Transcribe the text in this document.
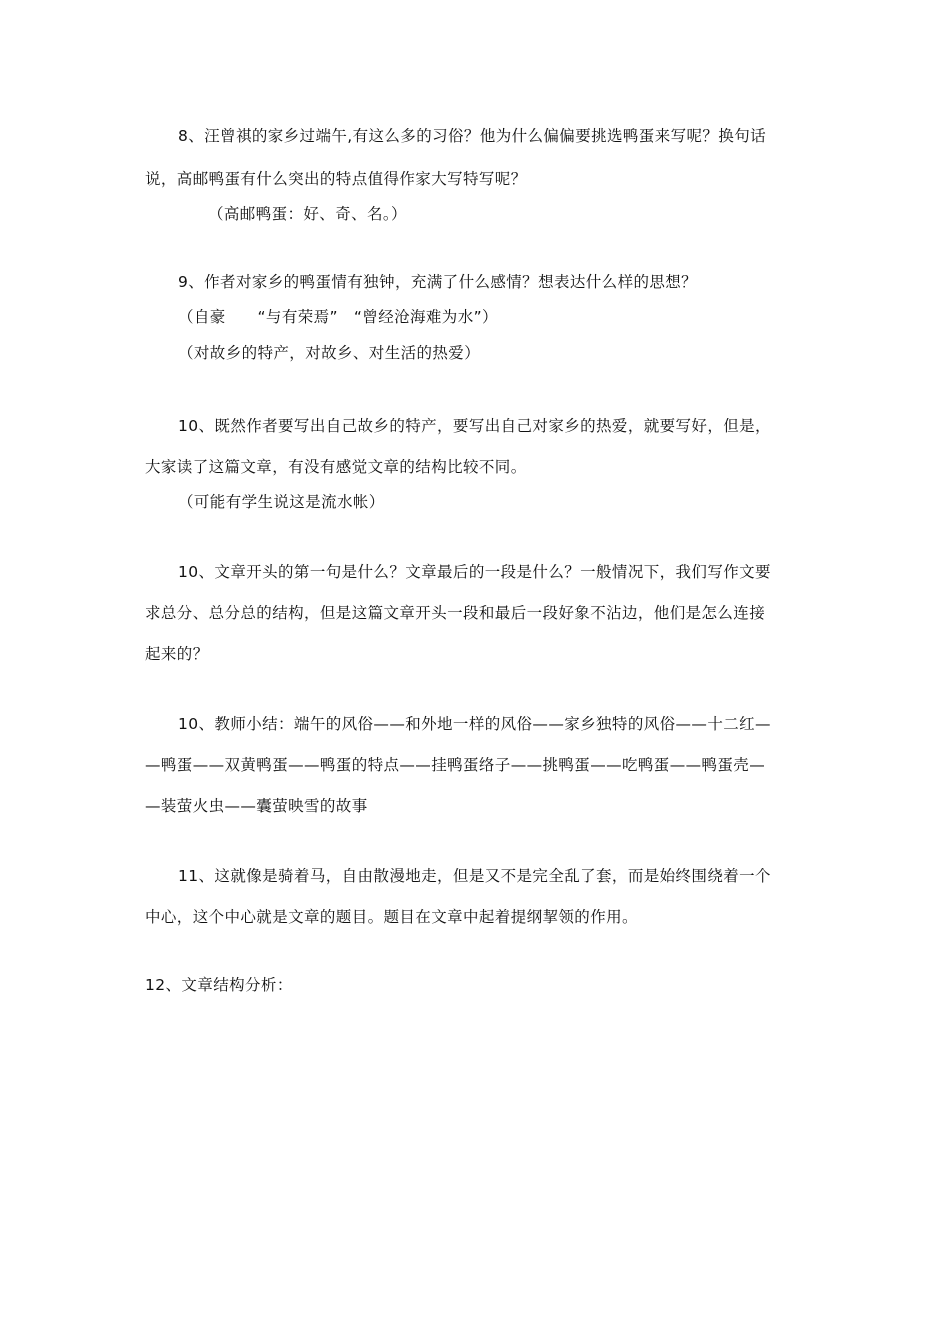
8、汪曾祺的家乡过端午,有这么多的习俗？他为什么偏偏要挑选鸭蛋来写呢？换句话
说，高邮鸭蛋有什么突出的特点值得作家大写特写呢？
（高邮鸭蛋：好、奇、名。）
9、作者对家乡的鸭蛋情有独钟，充满了什么感情？想表达什么样的思想？
（自豪　　“与有荣焉”　“曾经沧海难为水”）
（对故乡的特产，对故乡、对生活的热爱）
10、既然作者要写出自己故乡的特产，要写出自己对家乡的热爱，就要写好，但是，
大家读了这篇文章，有没有感觉文章的结构比较不同。
（可能有学生说这是流水帐）
10、文章开头的第一句是什么？文章最后的一段是什么？一般情况下，我们写作文要
求总分、总分总的结构，但是这篇文章开头一段和最后一段好象不沾边，他们是怎么连接
起来的？
10、教师小结：端午的风俗——和外地一样的风俗——家乡独特的风俗——十二红—
—鸭蛋——双黄鸭蛋——鸭蛋的特点——挂鸭蛋络子——挑鸭蛋——吃鸭蛋——鸭蛋壳—
—装萤火虫——囊萤映雪的故事
11、这就像是骑着马，自由散漫地走，但是又不是完全乱了套，而是始终围绕着一个
中心，这个中心就是文章的题目。题目在文章中起着提纲挈领的作用。
12、文章结构分析：
